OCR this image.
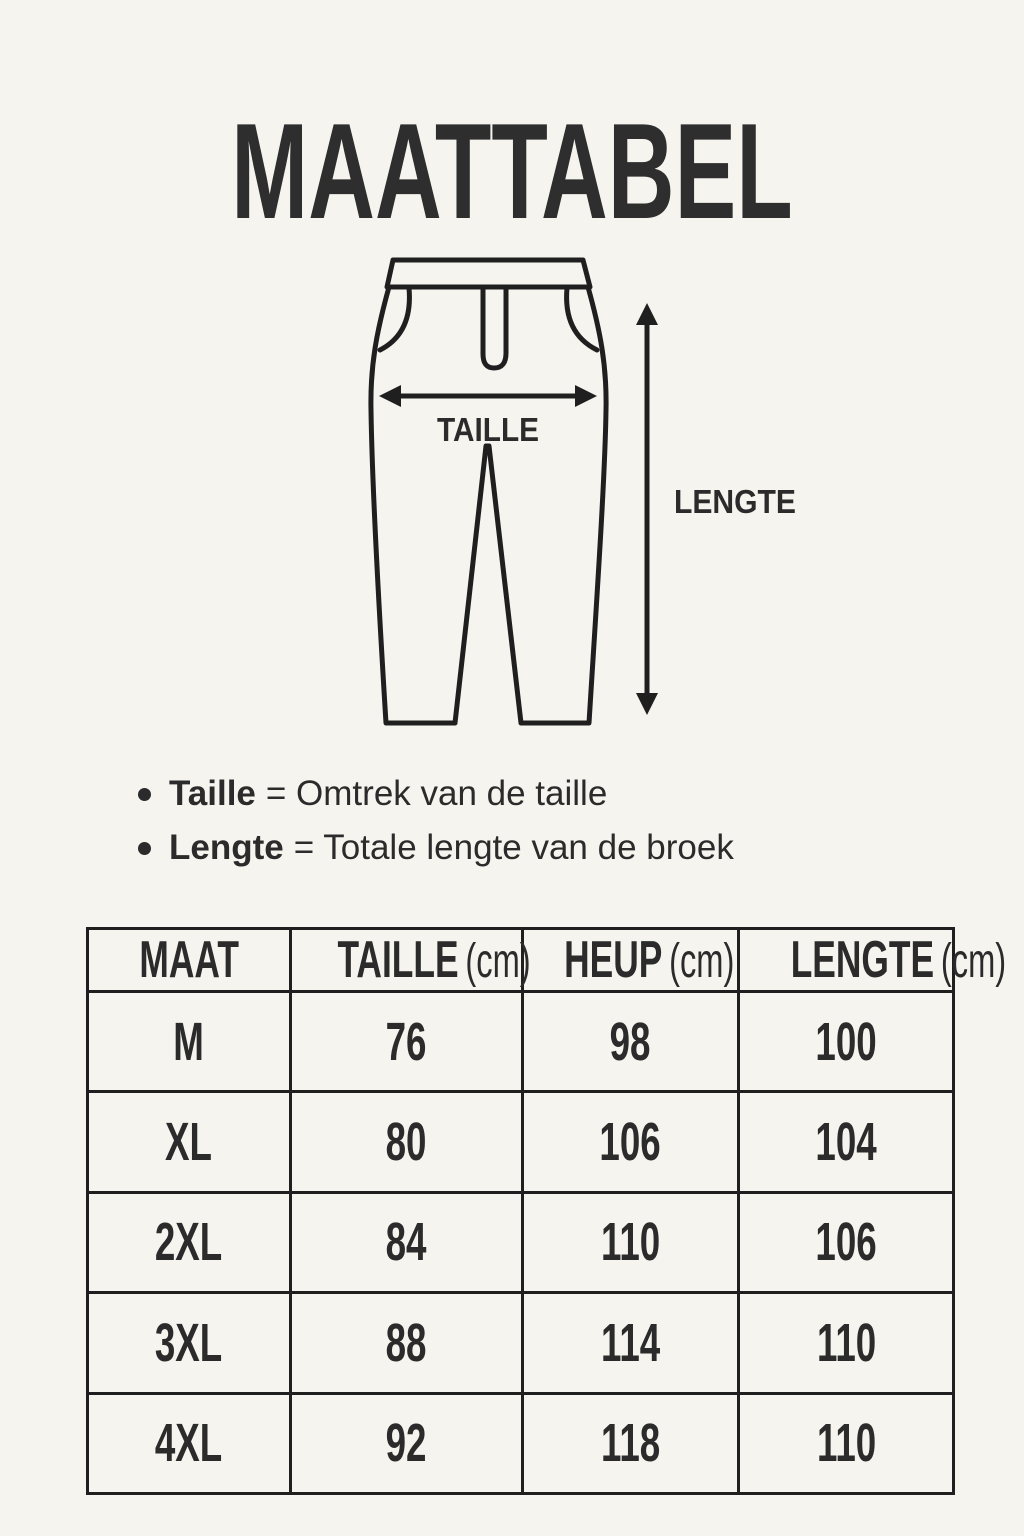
MAATTABEL
TAILLE
LENGTE
Taille = Omtrek van de taille
Lengte = Totale lengte van de broek
MAAT	TAILLE (cm)	HEUP (cm)	LENGTE (cm)
M	76	98	100
XL	80	106	104
2XL	84	110	106
3XL	88	114	110
4XL	92	118	110
